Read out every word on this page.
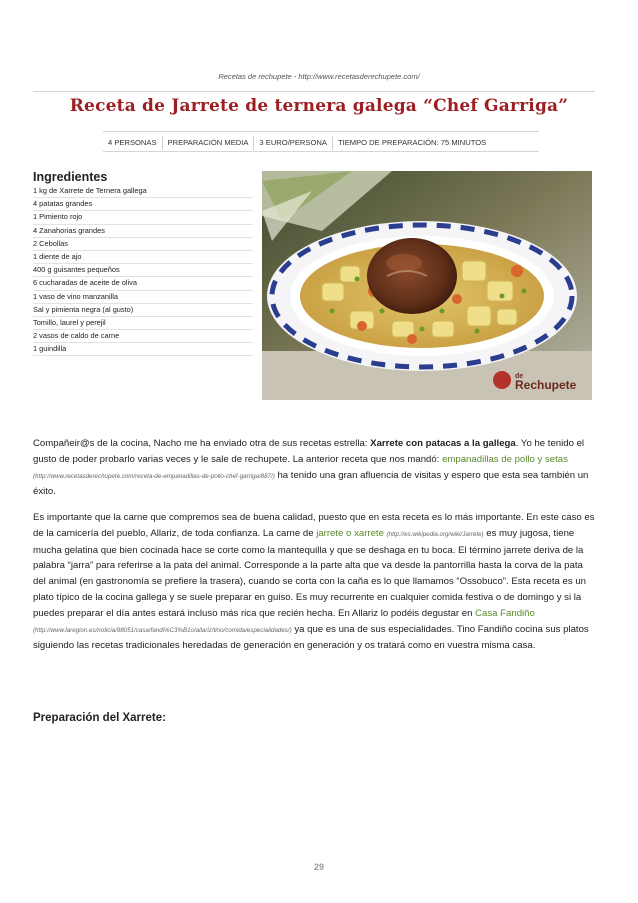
Recetas de rechupete - http://www.recetasderechupete.com/
Receta de Jarrete de ternera galega “Chef Garriga”
4 PERSONAS	PREPARACIÓN MEDIA	3 EURO/PERSONA	TIEMPO DE PREPARACIÓN: 75 MINUTOS
Ingredientes
1 kg de Xarrete de Ternera gallega
4 patatas grandes
1 Pimiento rojo
4 Zanahorias grandes
2 Cebollas
1 diente de ajo
400 g guisantes pequeños
6 cucharadas de aceite de oliva
1 vaso de vino manzanilla
Sal y pimienta negra (al gusto)
Tomillo, laurel y perejil
2 vasos de caldo de carne
1 guindilla
de
Rechupete

Compañeir@s de la cocina, Nacho me ha enviado otra de sus recetas estrella: Xarrete con patacas a la gallega. Yo he tenido el gusto de poder probarlo varias veces y le sale de rechupete. La anterior receta que nos mandó: empanadillas de pollo y setas (http://www.recetasderechupete.com/receta-de-empanadillas-de-pollo-chef-garriga/887/) ha tenido una gran afluencia de visitas y espero que esta sea también un éxito.

Es importante que la carne que compremos sea de buena calidad, puesto que en esta receta es lo más importante. En este caso es de la carnicería del pueblo, Allariz, de toda confianza. La carne de jarrete o xarrete (http://es.wikipedia.org/wiki/Jarrete) es muy jugosa, tiene mucha gelatina que bien cocinada hace se corte como la mantequilla y que se deshaga en tu boca. El término jarrete deriva de la palabra “jarra” para referirse a la pata del animal. Corresponde a la parte alta que va desde la pantorrilla hasta la corva de la pata del animal (en gastronomía se prefiere la trasera), cuando se corta con la caña es lo que llamamos “Ossobuco”. Esta receta es un plato típico de la cocina gallega y se suele preparar en guiso. Es muy recurrente en cualquier comida festiva o de domingo y si la puedes preparar el día antes estará incluso más rica que recién hecha. En Allariz lo podéis degustar en Casa Fandiño (http://www.laregion.es/noticia/98051/casa/fandi%C3%B1o/allariz/tino/comida/especialidades/) ya que es una de sus especialidades. Tino Fandiño cocina sus platos siguiendo las recetas tradicionales heredadas de generación en generación y os tratará como en vuestra misma casa.

Preparación del Xarrete:
29
